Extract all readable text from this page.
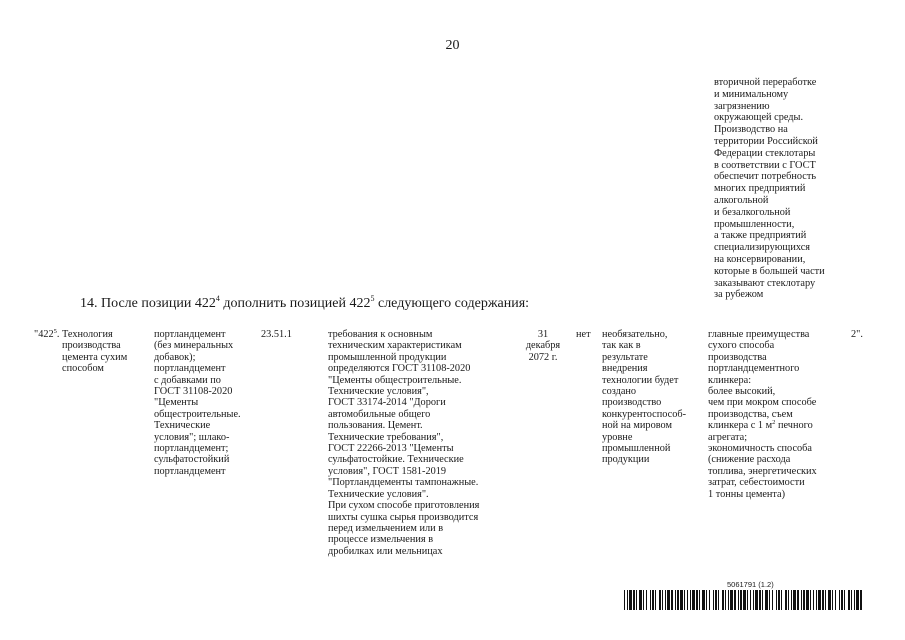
20
вторичной переработке
и минимальному
загрязнению
окружающей среды.
Производство на
территории Российской
Федерации стеклотары
в соответствии с ГОСТ
обеспечит потребность
многих предприятий
алкогольной
и безалкогольной
промышленности,
а также предприятий
специализирующихся
на консервировании,
которые в большей части
заказывают стеклотару
за рубежом
14. После позиции $422^4$ дополнить позицией $422^5$ следующего содержания:
"$422^5$. Технология
производства
цемента сухим
способом
портландцемент
(без минеральных
добавок);
портландцемент
с добавками по
ГОСТ 31108-2020
"Цементы
общестроительные.
Технические
условия"; шлако-
портландцемент;
сульфатостойкий
портландцемент
23.51.1	требования к основным
техническим характеристикам
промышленной продукции
определяются ГОСТ 31108-2020
"Цементы общестроительные.
Технические условия",
ГОСТ 33174-2014 "Дороги
автомобильные общего
пользования. Цемент.
Технические требования",
ГОСТ 22266-2013 "Цементы
сульфатостойкие. Технические
условия", ГОСТ 1581-2019
"Портландцементы тампонажные.
Технические условия".
При сухом способе приготовления
шихты сушка сырья производится
перед измельчением или в
процессе измельчения в
дробилках или мельницах
31
декабря
2072 г.
нет необязательно,
так как в
результате
внедрения
технологии будет
создано
производство
конкурентоспособ-
ной на мировом
уровне
промышленной
продукции
главные преимущества
сухого способа
производства
портландцементного
клинкера:
более высокий,
чем при мокром способе
производства, съем
клинкера с 1 $м^2$ печного
агрегата;
экономичность способа
(снижение расхода
топлива, энергетических
затрат, себестоимости
1 тонны цемента)
2".
5061791 (1.2)
